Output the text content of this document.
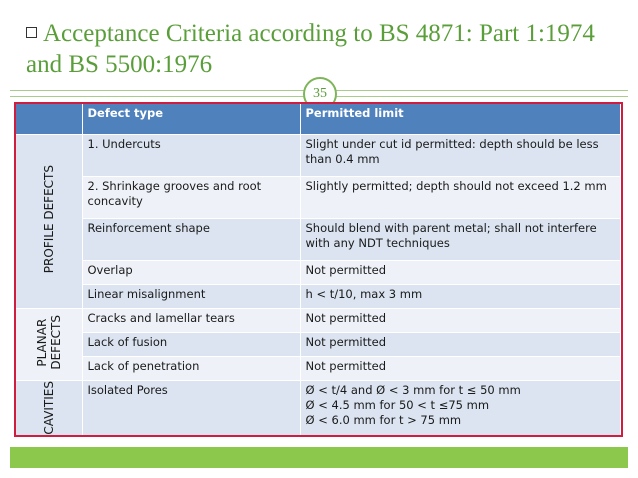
Acceptance Criteria according to BS 4871: Part 1:1974 and BS 5500:1976
35
	Defect type	Permitted limit
PROFILE DEFECTS	1. Undercuts	Slight under cut id permitted: depth should be less than 0.4 mm
	2. Shrinkage grooves and root concavity	Slightly permitted; depth should not exceed 1.2 mm
	Reinforcement shape	Should blend with parent metal; shall not interfere with any NDT techniques
	Overlap	Not permitted
	Linear misalignment	h < t/10, max 3 mm
PLANAR
DEFECTS	Cracks and lamellar tears	Not permitted
	Lack of fusion	Not permitted
	Lack of penetration	Not permitted
CAVITIES	Isolated Pores	Ø < t/4 and Ø < 3 mm for t ≤ 50 mm
Ø < 4.5 mm for 50 < t ≤75 mm
Ø < 6.0 mm for t > 75 mm
